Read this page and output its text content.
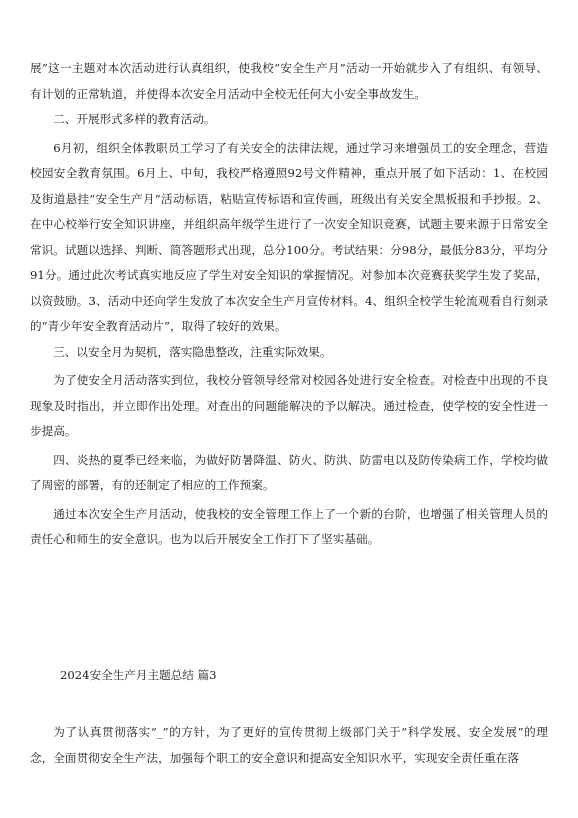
展”这一主题对本次活动进行认真组织，使我校“安全生产月”活动一开始就步入了有组织、有领导、有计划的正常轨道，并使得本次安全月活动中全校无任何大小安全事故发生。

二、开展形式多样的教育活动。

6月初，组织全体教职员工学习了有关安全的法律法规，通过学习来增强员工的安全理念，营造校园安全教育氛围。6月上、中旬，我校严格遵照92号文件精神，重点开展了如下活动：1、在校园及街道悬挂“安全生产月”活动标语，粘贴宣传标语和宣传画，班级出有关安全黑板报和手抄报。2、在中心校举行安全知识讲座，并组织高年级学生进行了一次安全知识竞赛，试题主要来源于日常安全常识。试题以选择、判断、简答题形式出现，总分100分。考试结果：分98分，最低分83分，平均分91分。通过此次考试真实地反应了学生对安全知识的掌握情况。对参加本次竞赛获奖学生发了奖品，以资鼓励。3、活动中还向学生发放了本次安全生产月宣传材料。4、组织全校学生轮流观看自行刻录的“青少年安全教育活动片”，取得了较好的效果。

三、以安全月为契机，落实隐患整改，注重实际效果。

为了使安全月活动落实到位，我校分管领导经常对校园各处进行安全检查。对检查中出现的不良现象及时指出，并立即作出处理。对查出的问题能解决的予以解决。通过检查，使学校的安全性进一步提高。

四、炎热的夏季已经来临，为做好防暑降温、防火、防洪、防雷电以及防传染病工作，学校均做了周密的部署，有的还制定了相应的工作预案。

通过本次安全生产月活动，使我校的安全管理工作上了一个新的台阶，也增强了相关管理人员的责任心和师生的安全意识。也为以后开展安全工作打下了坚实基础。

2024安全生产月主题总结 篇3

为了认真贯彻落实“_”的方针，为了更好的宣传贯彻上级部门关于“科学发展、安全发展”的理念，全面贯彻安全生产法，加强每个职工的安全意识和提高安全知识水平，实现安全责任重在落
